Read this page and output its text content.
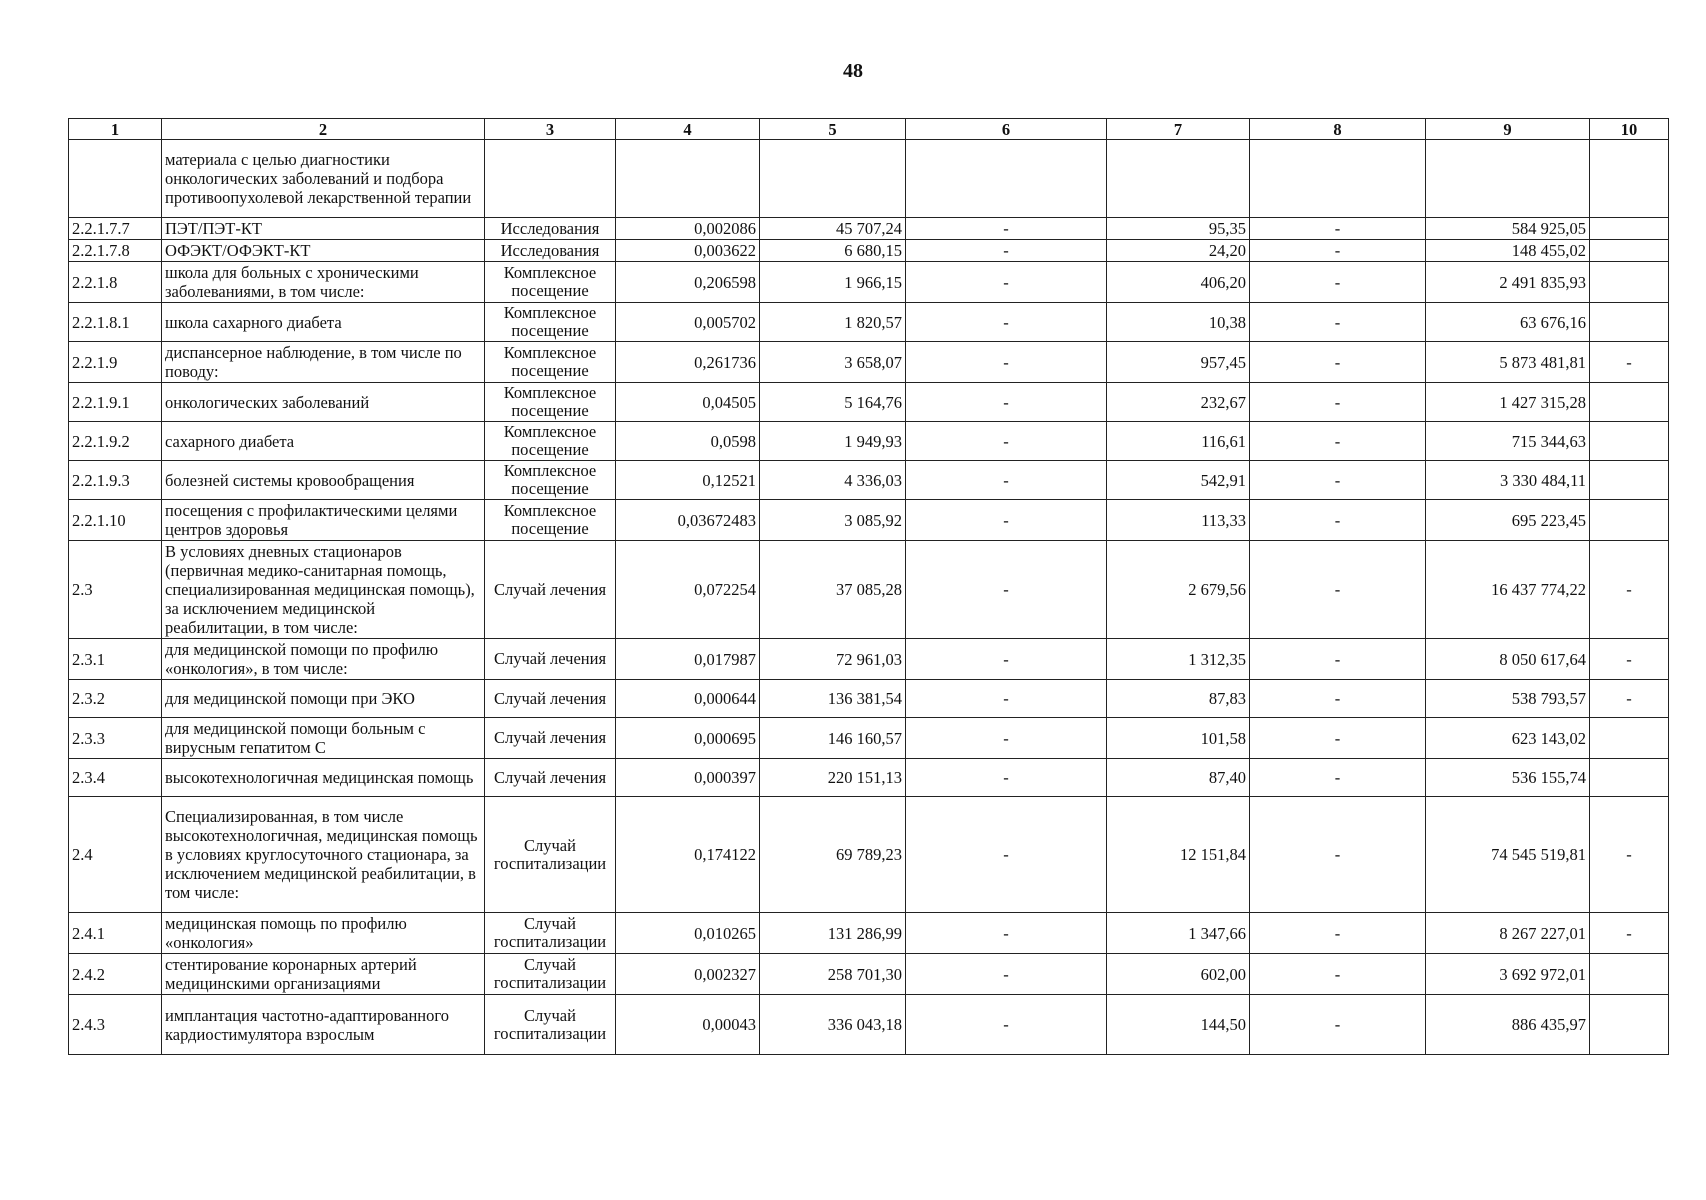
48
1	2	3	4	5	6	7	8	9	10
	материала с целью диагностики онкологических заболеваний и подбора противоопухолевой лекарственной терапии								
2.2.1.7.7	ПЭТ/ПЭТ-КТ	Исследования	0,002086	45 707,24	-	95,35	-	584 925,05	
2.2.1.7.8	ОФЭКТ/ОФЭКТ-КТ	Исследования	0,003622	6 680,15	-	24,20	-	148 455,02	
2.2.1.8	школа для больных с хроническими заболеваниями, в том числе:	Комплексное посещение	0,206598	1 966,15	-	406,20	-	2 491 835,93	
2.2.1.8.1	школа сахарного диабета	Комплексное посещение	0,005702	1 820,57	-	10,38	-	63 676,16	
2.2.1.9	диспансерное наблюдение, в том числе по поводу:	Комплексное посещение	0,261736	3 658,07	-	957,45	-	5 873 481,81	-
2.2.1.9.1	онкологических заболеваний	Комплексное посещение	0,04505	5 164,76	-	232,67	-	1 427 315,28	
2.2.1.9.2	сахарного диабета	Комплексное посещение	0,0598	1 949,93	-	116,61	-	715 344,63	
2.2.1.9.3	болезней системы кровообращения	Комплексное посещение	0,12521	4 336,03	-	542,91	-	3 330 484,11	
2.2.1.10	посещения с профилактическими целями центров здоровья	Комплексное посещение	0,03672483	3 085,92	-	113,33	-	695 223,45	
2.3	В условиях дневных стационаров (первичная медико-санитарная помощь, специализированная медицинская помощь), за исключением медицинской реабилитации, в том числе:	Случай лечения	0,072254	37 085,28	-	2 679,56	-	16 437 774,22	-
2.3.1	для медицинской помощи по профилю «онкология», в том числе:	Случай лечения	0,017987	72 961,03	-	1 312,35	-	8 050 617,64	-
2.3.2	для медицинской помощи при ЭКО	Случай лечения	0,000644	136 381,54	-	87,83	-	538 793,57	-
2.3.3	для медицинской помощи больным с вирусным гепатитом С	Случай лечения	0,000695	146 160,57	-	101,58	-	623 143,02	
2.3.4	высокотехнологичная медицинская помощь	Случай лечения	0,000397	220 151,13	-	87,40	-	536 155,74	
2.4	Специализированная, в том числе высокотехнологичная, медицинская помощь в условиях круглосуточного стационара, за исключением медицинской реабилитации, в том числе:	Случай госпитализации	0,174122	69 789,23	-	12 151,84	-	74 545 519,81	-
2.4.1	медицинская помощь по профилю «онкология»	Случай госпитализации	0,010265	131 286,99	-	1 347,66	-	8 267 227,01	-
2.4.2	стентирование коронарных артерий медицинскими организациями	Случай госпитализации	0,002327	258 701,30	-	602,00	-	3 692 972,01	
2.4.3	имплантация частотно-адаптированного кардиостимулятора взрослым	Случай госпитализации	0,00043	336 043,18	-	144,50	-	886 435,97	
